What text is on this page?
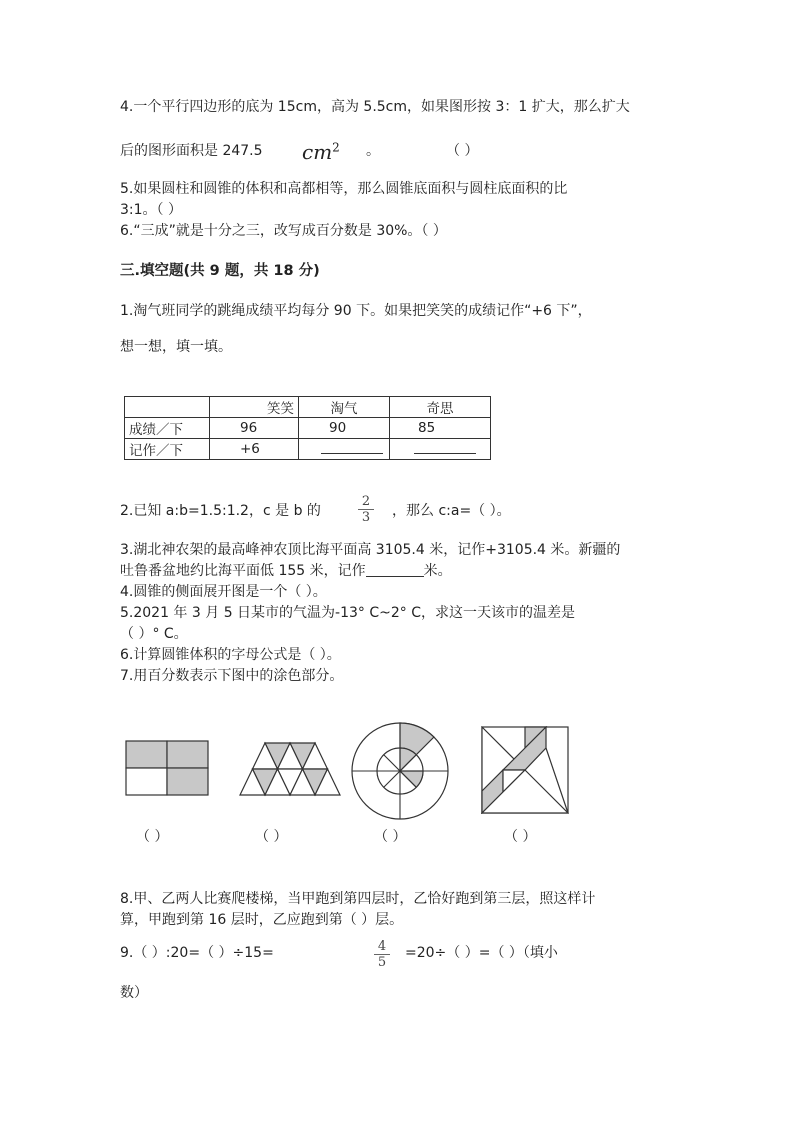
4.一个平行四边形的底为 15cm，高为 5.5cm，如果图形按 3：1 扩大，那么扩大
后的图形面积是 247.5 $cm^2$ 。	（ ）
5.如果圆柱和圆锥的体积和高都相等，那么圆锥底面积与圆柱底面积的比
3:1。（ ）
6.“三成”就是十分之三，改写成百分数是 30%。（ ）
三.填空题(共 9 题，共 18 分)
1.淘气班同学的跳绳成绩平均每分 90 下。如果把笑笑的成绩记作“+6 下”，
想一想，填一填。
	笑笑	淘气	奇思
成绩／下	96	90	85
记作／下	+6		
2.已知 a:b=1.5:1.2，c 是 b 的	$\frac{2}{3}$ ，那么 c:a=（ ）。
3.湖北神农架的最高峰神农顶比海平面高 3105.4 米，记作+3105.4 米。新疆的
吐鲁番盆地约比海平面低 155 米，记作	米。
4.圆锥的侧面展开图是一个（ ）。
5.2021 年 3 月 5 日某市的气温为-13° C~2° C，求这一天该市的温差是
（ ）° C。
6.计算圆锥体积的字母公式是（ ）。
7.用百分数表示下图中的涂色部分。
（ ）	（ ）	（ ）	（ ）
8.甲、乙两人比赛爬楼梯，当甲跑到第四层时，乙恰好跑到第三层，照这样计
算，甲跑到第 16 层时，乙应跑到第（ ）层。
9.（ ）:20=（ ）÷15=	$\frac{4}{5} =20\div$（ ）=（ ）（填小
数）
